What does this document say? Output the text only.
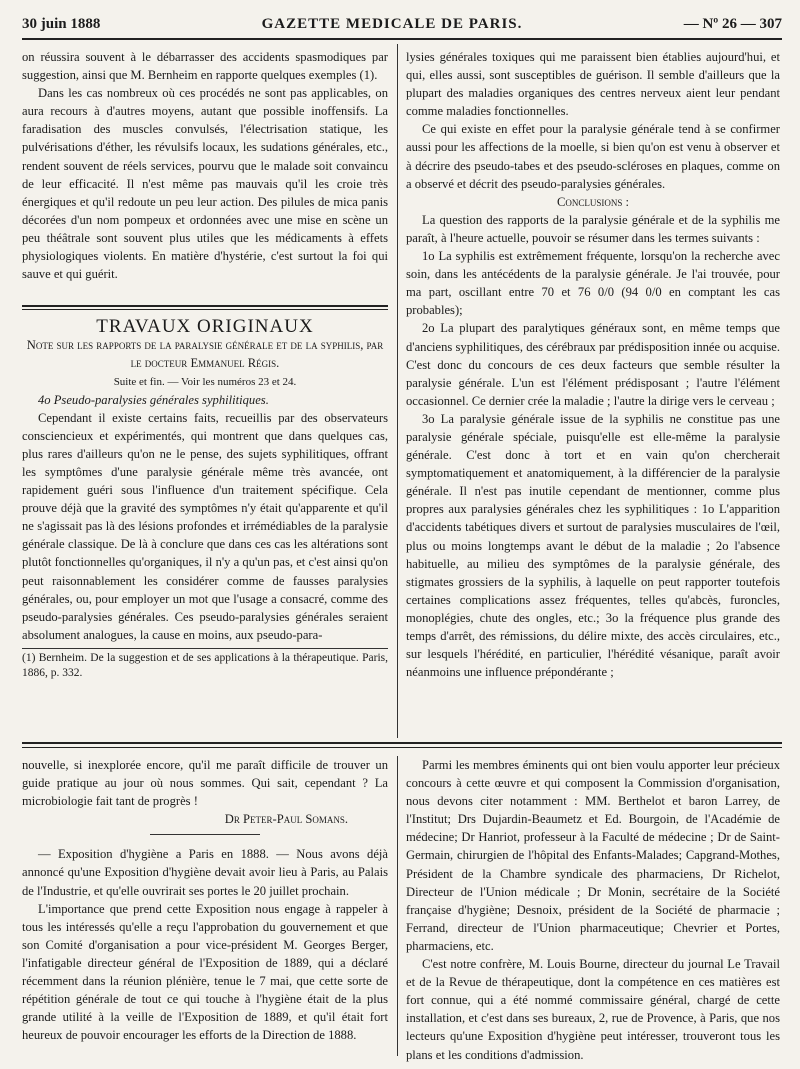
30 juin 1888	GAZETTE MEDICALE DE PARIS.	— Nº 26 — 307

on réussira souvent à le débarrasser des accidents spasmodiques par suggestion, ainsi que M. Bernheim en rapporte quelques exemples (1).

Dans les cas nombreux où ces procédés ne sont pas applicables, on aura recours à d'autres moyens, autant que possible inoffensifs. La faradisation des muscles convulsés, l'électrisation statique, les pulvérisations d'éther, les révulsifs locaux, les sudations générales, etc., rendent souvent de réels services, pourvu que le malade soit convaincu de leur efficacité. Il n'est même pas mauvais qu'il les croie très énergiques et qu'il redoute un peu leur action. Des pilules de mica panis décorées d'un nom pompeux et ordonnées avec une mise en scène un peu théâtrale sont souvent plus utiles que les médicaments à effets physiologiques violents. En matière d'hystérie, c'est surtout la foi qui sauve et qui guérit.

TRAVAUX ORIGINAUX

Note sur les rapports de la paralysie générale et de la syphilis, par le docteur Emmanuel Régis.

Suite et fin. — Voir les numéros 23 et 24.

4o Pseudo-paralysies générales syphilitiques.

Cependant il existe certains faits, recueillis par des observateurs consciencieux et expérimentés, qui montrent que dans quelques cas, plus rares d'ailleurs qu'on ne le pense, des sujets syphilitiques, offrant les symptômes d'une paralysie générale même très avancée, ont rapidement guéri sous l'influence d'un traitement spécifique. Cela prouve déjà que la gravité des symptômes n'y était qu'apparente et qu'il ne s'agissait pas là des lésions profondes et irrémédiables de la paralysie générale classique. De là à conclure que dans ces cas les altérations sont plutôt fonctionnelles qu'organiques, il n'y a qu'un pas, et c'est ainsi qu'on peut raisonnablement les considérer comme de fausses paralysies générales, ou, pour employer un mot que l'usage a consacré, comme des pseudo-paralysies générales. Ces pseudo-paralysies générales seraient absolument analogues, la cause en moins, aux pseudo-para-

(1) Bernheim. De la suggestion et de ses applications à la thérapeutique. Paris, 1886, p. 332.

lysies générales toxiques qui me paraissent bien établies aujourd'hui, et qui, elles aussi, sont susceptibles de guérison. Il semble d'ailleurs que la plupart des maladies organiques des centres nerveux aient leur pendant comme maladies fonctionnelles.

Ce qui existe en effet pour la paralysie générale tend à se confirmer aussi pour les affections de la moelle, si bien qu'on est venu à observer et à décrire des pseudo-tabes et des pseudo-scléroses en plaques, comme on a observé et décrit des pseudo-paralysies générales.

Conclusions :

La question des rapports de la paralysie générale et de la syphilis me paraît, à l'heure actuelle, pouvoir se résumer dans les termes suivants :

1o La syphilis est extrêmement fréquente, lorsqu'on la recherche avec soin, dans les antécédents de la paralysie générale. Je l'ai trouvée, pour ma part, oscillant entre 70 et 76 0/0 (94 0/0 en comptant les cas probables);

2o La plupart des paralytiques généraux sont, en même temps que d'anciens syphilitiques, des cérébraux par prédisposition innée ou acquise. C'est donc du concours de ces deux facteurs que semble résulter la paralysie générale. L'un est l'élément prédisposant ; l'autre l'élément occasionnel. Ce dernier crée la maladie ; l'autre la dirige vers le cerveau ;

3o La paralysie générale issue de la syphilis ne constitue pas une paralysie générale spéciale, puisqu'elle est elle-même la paralysie générale. C'est donc à tort et en vain qu'on chercherait symptomatiquement et anatomiquement, à la différencier de la paralysie générale. Il n'est pas inutile cependant de mentionner, comme plus propres aux paralysies générales chez les syphilitiques : 1o L'apparition d'accidents tabétiques divers et surtout de paralysies musculaires de l'œil, plus ou moins longtemps avant le début de la maladie ; 2o l'absence habituelle, au milieu des symptômes de la paralysie générale, des stigmates grossiers de la syphilis, à laquelle on peut rapporter toutefois certaines complications assez fréquentes, telles qu'abcès, furoncles, monoplégies, chute des ongles, etc.; 3o la fréquence plus grande des temps d'arrêt, des rémissions, du délire mixte, des accès circulaires, etc., sur lesquels l'hérédité, en particulier, l'hérédité vésanique, paraît avoir néanmoins une influence prépondérante ;

nouvelle, si inexplorée encore, qu'il me paraît difficile de trouver un guide pratique au jour où nous sommes. Qui sait, cependant ? La microbiologie fait tant de progrès !

Dr Peter-Paul Somans.

— Exposition d'hygiène a Paris en 1888. — Nous avons déjà annoncé qu'une Exposition d'hygiène devait avoir lieu à Paris, au Palais de l'Industrie, et qu'elle ouvrirait ses portes le 20 juillet prochain.

L'importance que prend cette Exposition nous engage à rappeler à tous les intéressés qu'elle a reçu l'approbation du gouvernement et que son Comité d'organisation a pour vice-président M. Georges Berger, l'infatigable directeur général de l'Exposition de 1889, qui a déclaré récemment dans la réunion plénière, tenue le 7 mai, que cette sorte de répétition générale de tout ce qui touche à l'hygiène était de la plus grande utilité à la veille de l'Exposition de 1889, et qu'il était fort heureux de pouvoir encourager les efforts de la Direction de 1888.

Parmi les membres éminents qui ont bien voulu apporter leur précieux concours à cette œuvre et qui composent la Commission d'organisation, nous devons citer notamment : MM. Berthelot et baron Larrey, de l'Institut; Drs Dujardin-Beaumetz et Ed. Bourgoin, de l'Académie de médecine; Dr Hanriot, professeur à la Faculté de médecine ; Dr de Saint-Germain, chirurgien de l'hôpital des Enfants-Malades; Capgrand-Mothes, Président de la Chambre syndicale des pharmaciens, Dr Richelot, Directeur de l'Union médicale ; Dr Monin, secrétaire de la Société française d'hygiène; Desnoix, président de la Société de pharmacie ; Ferrand, directeur de l'Union pharmaceutique; Chevrier et Portes, pharmaciens, etc.

C'est notre confrère, M. Louis Bourne, directeur du journal Le Travail et de la Revue de thérapeutique, dont la compétence en ces matières est fort connue, qui a été nommé commissaire général, chargé de cette installation, et c'est dans ses bureaux, 2, rue de Provence, à Paris, que nos lecteurs qu'une Exposition d'hygiène peut intéresser, trouveront tous les plans et les conditions d'admission.
